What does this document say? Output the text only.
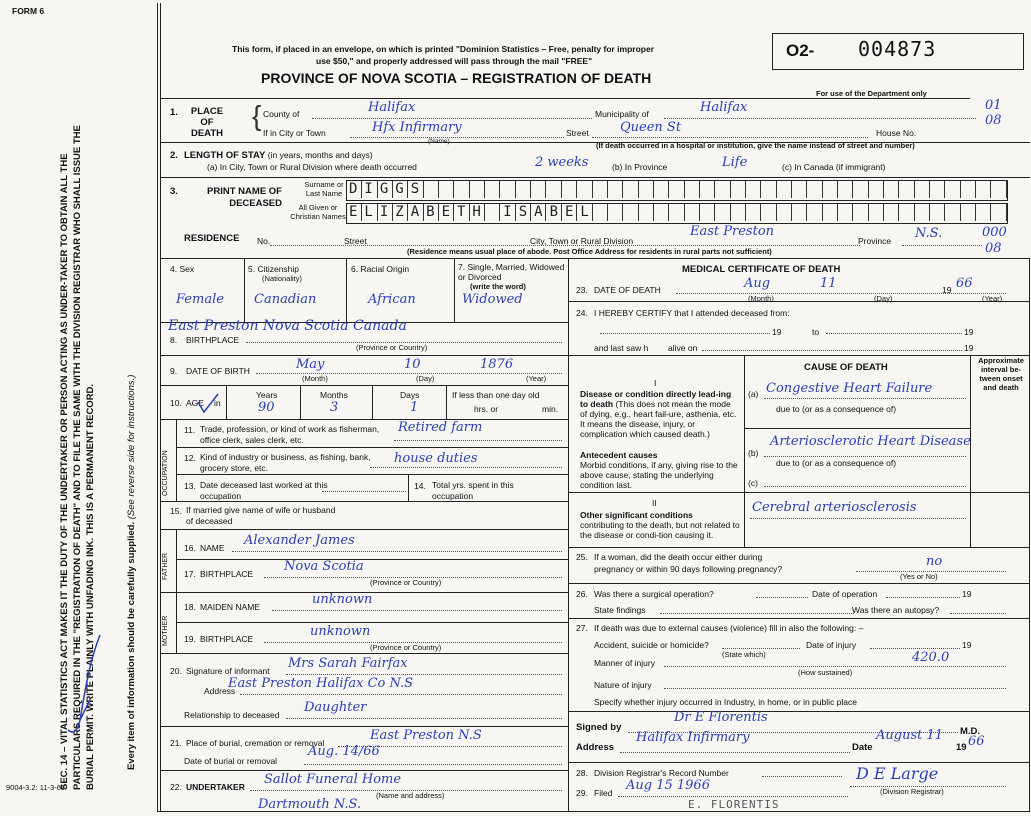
FORM 6
SEC. 14 – VITAL STATISTICS ACT MAKES IT THE DUTY OF THE UNDERTAKER OR PERSON ACTING AS UNDER-TAKER TO OBTAIN ALL THE PARTICULARS REQUIRED IN THE "REGISTRATION OF DEATH" AND TO FILE THE SAME WITH THE DIVISION REGISTRAR WHO SHALL ISSUE THE BURIAL PERMIT. WRITE PLAINLY WITH UNFADING INK. THIS IS A PERMANENT RECORD.	Every item of information should be carefully supplied. (See reverse side for instructions.)
9004-3.2: 11-3-65
This form, if placed in an envelope, on which is printed "Dominion Statistics – Free, penalty for improper
use $50," and properly addressed will pass through the mail "FREE"
PROVINCE OF NOVA SCOTIA – REGISTRATION OF DEATH
O2- 004873
For use of the Department only
01
08
000
08
1.	PLACE OF DEATH
{ County of	Halifax	Municipality of	Halifax
If in City or Town
(Name)
Hfx Infirmary	Street Queen St	House No.
2. LENGTH OF STAY (in years, months and days)
(If death occurred in a hospital or institution, give the name instead of street and number)
(a) In City, Town or Rural Division where death occurred	2 weeks	(b) In Province	Life	(c) In Canada (if immigrant)
3.	PRINT NAME OF DECEASED
Surname or Last Name
All Given or Christian Names
DIGGS
ELIZABETH ISABEL
RESIDENCE No.	Street	City, Town or Rural Division
East Preston
Province N.S.
(Residence means usual place of abode. Post Office Address for residents in rural parts not sufficient)
4. Sex
Female
5. Citizenship
(Nationality)
Canadian
6. Racial Origin
African
7. Single, Married, Widowed or Divorced
(write the word)
Widowed
East Preston Nova Scotia Canada
8. BIRTHPLACE
(Province or Country)
9. DATE OF BIRTH	May	10	1876
(Month)	(Day)	(Year)
10. AGE in
Years	Months	Days
90	3	1
If less than one day old
hrs. or	min.
OCCUPATION
11. Trade, profession, or kind of work as fisherman, office clerk, sales clerk, etc.
Retired farm
12. Kind of industry or business, as fishing, bank, grocery store, etc.
house duties
13. Date deceased last worked at this occupation
14. Total yrs. spent in this occupation
15. If married give name of wife or husband of deceased
FATHER
16. NAME Alexander James
17. BIRTHPLACE Nova Scotia
(Province or Country)
MOTHER
18. MAIDEN NAME	unknown
19. BIRTHPLACE	unknown
(Province or Country)
20. Signature of informant Mrs Sarah Fairfax
Address
East Preston Halifax Co N.S
Relationship to deceased Daughter
21. Place of burial, cremation or removal	East Preston N.S
Date of burial or removal
Aug. 14/66
22. UNDERTAKER Sallot Funeral Home
(Name and address)
Dartmouth N.S.
MEDICAL CERTIFICATE OF DEATH
23. DATE OF DEATH	Aug	11	19 66
(Month)	(Day)	(Year)
24. I HEREBY CERTIFY that I attended deceased from:
19	to	19
and last saw h alive on	19
CAUSE OF DEATH
Approximate interval be-tween onset and death
I
Disease or condition directly lead-ing to death (This does not mean the mode of dying, e.g., heart fail-ure, asthenia, etc. It means the disease, injury, or complication which caused death.)
(a) Congestive Heart Failure
due to (or as a consequence of)
Antecedent causes
Morbid conditions, if any, giving rise to the above cause, stating the underlying condition last.
(b)
Arteriosclerotic Heart Disease
due to (or as a consequence of)
(c)
II
Other significant conditions
contributing to the death, but not related to the disease or condi-tion causing it.
Cerebral arteriosclerosis
25. If a woman, did the death occur either during
pregnancy or within 90 days following pregnancy?	no
(Yes or No)
26. Was there a surgical operation?	Date of operation	19
State findings	Was there an autopsy?
27. If death was due to external causes (violence) fill in also the following: –
Accident, suicide or homicide?
(State which)
Date of injury	19
Manner of injury	420.0
(How sustained)
Nature of injury
Specify whether injury occurred in Industry, in home, or in public place
Signed by
Dr E Florentis
M.D.
Address
Halifax Infirmary
Date
August 11
19 66
28. Division Registrar's Record Number
29. Filed Aug 15 1966
D E Large
(Division Registrar)
E. FLORENTIS
